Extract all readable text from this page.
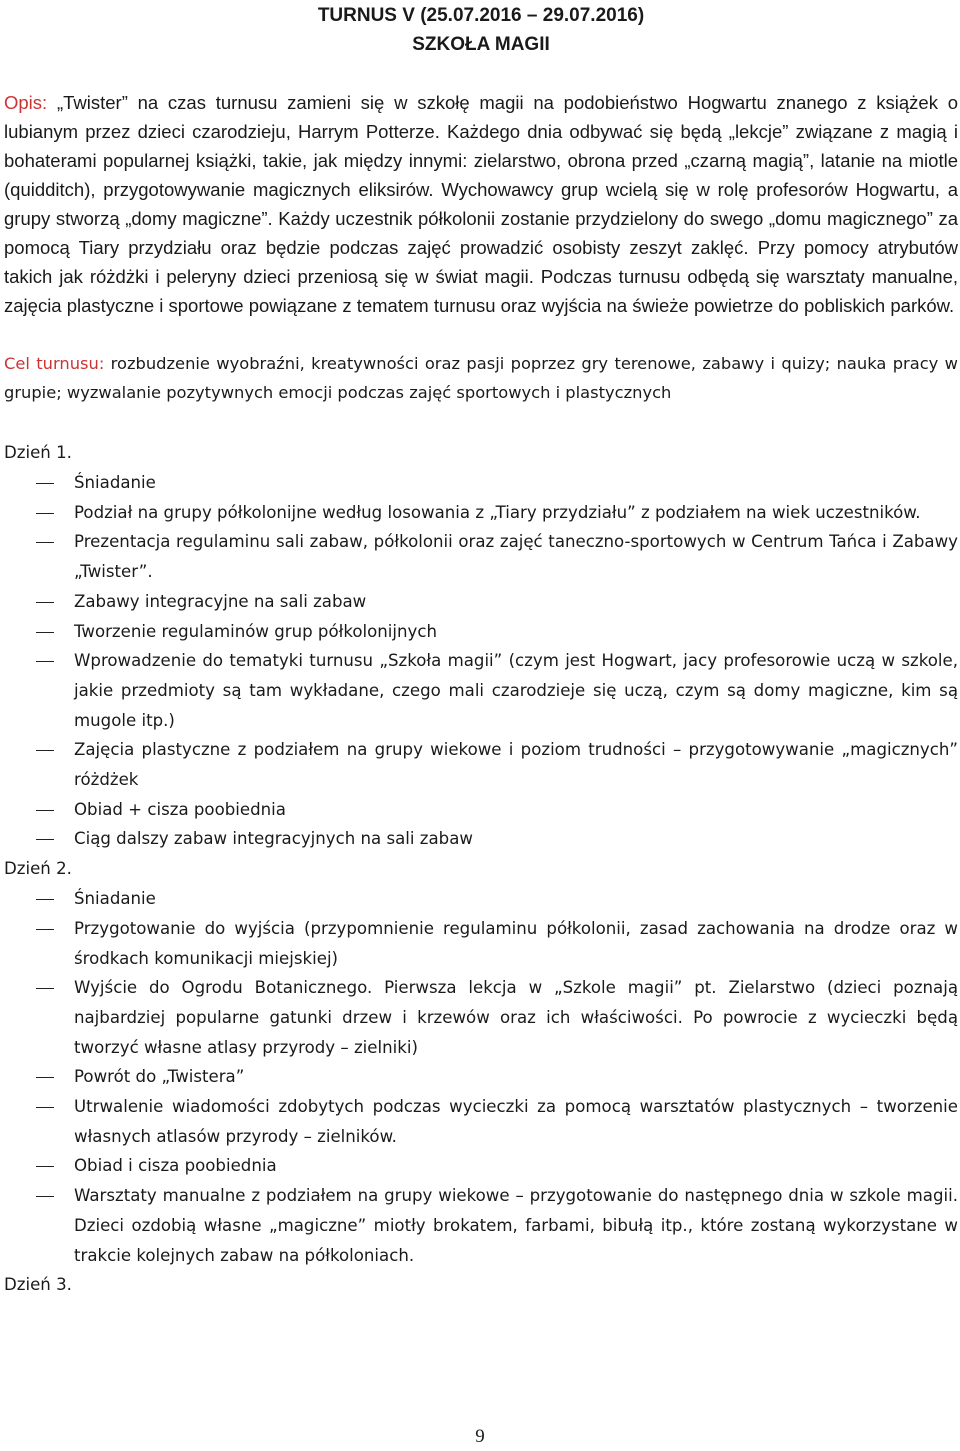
TURNUS V (25.07.2016 – 29.07.2016)
SZKOŁA MAGII

Opis: „Twister” na czas turnusu zamieni się w szkołę magii na podobieństwo Hogwartu znanego z książek o lubianym przez dzieci czarodzieju, Harrym Potterze. Każdego dnia odbywać się będą „lekcje” związane z magią i bohaterami popularnej książki, takie, jak między innymi: zielarstwo, obrona przed „czarną magią”, latanie na miotle (quidditch), przygotowywanie magicznych eliksirów. Wychowawcy grup wcielą się w rolę profesorów Hogwartu, a grupy stworzą „domy magiczne”. Każdy uczestnik półkolonii zostanie przydzielony do swego „domu magicznego” za pomocą Tiary przydziału oraz będzie podczas zajęć prowadzić osobisty zeszyt zaklęć. Przy pomocy atrybutów takich jak różdżki i peleryny dzieci przeniosą się w świat magii. Podczas turnusu odbędą się warsztaty manualne, zajęcia plastyczne i sportowe powiązane z tematem turnusu oraz wyjścia na świeże powietrze do pobliskich parków.

Cel turnusu: rozbudzenie wyobraźni, kreatywności oraz pasji poprzez gry terenowe, zabawy i quizy; nauka pracy w grupie; wyzwalanie pozytywnych emocji podczas zajęć sportowych i plastycznych

Dzień 1.

Śniadanie
Podział na grupy półkolonijne według losowania z „Tiary przydziału” z podziałem na wiek uczestników.
Prezentacja regulaminu sali zabaw, półkolonii oraz zajęć taneczno-sportowych w Centrum Tańca i Zabawy „Twister”.
Zabawy integracyjne na sali zabaw
Tworzenie regulaminów grup półkolonijnych
Wprowadzenie do tematyki turnusu „Szkoła magii” (czym jest Hogwart, jacy profesorowie uczą w szkole, jakie przedmioty są tam wykładane, czego mali czarodzieje się uczą, czym są domy magiczne, kim są mugole itp.)
Zajęcia plastyczne z podziałem na grupy wiekowe i poziom trudności – przygotowywanie „magicznych” różdżek
Obiad + cisza poobiednia
Ciąg dalszy zabaw integracyjnych na sali zabaw

Dzień 2.

Śniadanie
Przygotowanie do wyjścia (przypomnienie regulaminu półkolonii, zasad zachowania na drodze oraz w środkach komunikacji miejskiej)
Wyjście do Ogrodu Botanicznego. Pierwsza lekcja w „Szkole magii” pt. Zielarstwo (dzieci poznają najbardziej popularne gatunki drzew i krzewów oraz ich właściwości. Po powrocie z wycieczki będą tworzyć własne atlasy przyrody – zielniki)
Powrót do „Twistera”
Utrwalenie wiadomości zdobytych podczas wycieczki za pomocą warsztatów plastycznych – tworzenie własnych atlasów przyrody – zielników.
Obiad i cisza poobiednia
Warsztaty manualne z podziałem na grupy wiekowe – przygotowanie do następnego dnia w szkole magii. Dzieci ozdobią własne „magiczne” miotły brokatem, farbami, bibułą itp., które zostaną wykorzystane w trakcie kolejnych zabaw na półkoloniach.

Dzień 3.

9
